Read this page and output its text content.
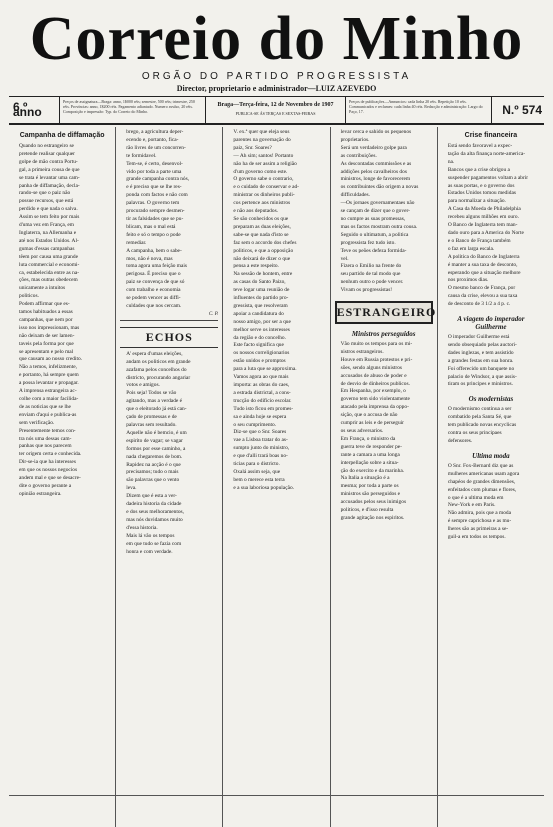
Correio do Minho
ORGÃO DO PARTIDO PROGRESSISTA
Director, proprietario e administrador—LUIZ AZEVEDO
6.º anno
Preços de assignatura—Braga: anno, 1$000 réis; semestre, 500 réis; trimestre, 250 réis. Províncias: anno, 1$200 réis. Pagamento adiantado. Numero avulso, 20 réis. Composição e impressão: Typ. do Correio do Minho.
Braga—Terça-feira, 12 de Novembro de 1907
PUBLICA-SE ÁS TERÇAS E SEXTAS-FEIRAS
Preços de publicações—Annuncios: cada linha 20 réis. Repetição 10 réis. Communicados e reclames: cada linha 40 réis. Redacção e administração: Largo do Paço, 17.	N.º 574
Campanha de diffamação
Quando no estrangeiro se
pretende realisar qualquer
golpe de mão contra Portu-
gal, a primeira cousa de que
se trata é levantar uma cam-
panha de diffamação, decla-
rando-se que o paiz não
possue recursos, que está
perdido e que nada o salva.
Assim se tem feito por mais
d'uma vez em França, em
Inglaterra, na Allemanha e
até nos Estados Unidos. Al-
gumas d'essas campanhas
têem por causa uma grande
luta commercial e economi-
ca, estabelecida entre as na-
ções, mas outras obedecem
unicamente a intuitos
politicos.
Podem affirmar que es-
tamos habituados a essas
campanhas, que nem por
isso nos impressionam, mas
não deixam de ser lamen-
taveis pela forma por que
se apresentam e pelo mal
que causam ao nosso credito.
Não a temos, infelizmente,
e portanto, há sempre quem
a possa levantar e propagar.
A imprensa estrangeira ac-
colhe com a maior facilida-
de as noticias que se lhe
enviam d'aqui e publica-as
sem verificação.
Presentemente temos con-
tra nós uma dessas cam-
panhas que nos parecem
ter origem certa e conhecida.
Dir-se-ia que ha interesses
em que os nossos negocios
andem mal e que se desacre-
dite o governo perante a
opinião estrangeira.
brego, a agricultura deper-
ecendo e, portanto, fica-
rão livres de um concorren-
te formidavel.
Tem-se, é certo, desenvol-
vido por toda a parte uma
grande campanha contra nós,
e é preciso que se lhe res-
ponda com factos e não com
palavras. O governo tem
procurado sempre desmen-
tir as falsidades que se pu-
blicam, mas o mal está
feito e só o tempo o pode
remediar.
A campanha, bem o sabe-
mos, não é nova, mas
toma agora uma feição mais
perigosa. É preciso que o
paiz se convença de que só
com trabalho e economia
se podem vencer as diffi-
culdades que nos cercam.
C. P.
ECHOS
A' espera d'umas eleições,
andam os politicos em grande
azafama pelos concelhos do
districto, procurando angariar
votos e amigos.
Pois seja! Todos se vão
agitando, mas a verdade é
que o eleitorado já está can-
çado de promessas e de
palavras sem resultado.
Aquelle não é bemcio, é um
espirito de vagar; se vagar
formos por esse caminho, a
nada chegaremos de bom.
Rapidez na acção é o que
precisamos; tudo o mais
são palavras que o vento
leva.
Dizem que é esta a ver-
dadeira historia da cidade
e dos seus melhoramentos,
mas nós duvidamos muito
d'essa historia.
Mais lá vão os tempos
em que tudo se fazia com
honra e com verdade.
V. ex.ª quer que eleja seus
parentes na governação do
paiz, Snr. Soares?
— Ah sim; santos! Portanto
não ha de ser assim a religião
d'um governo como este.
O governo sabe o contrario,
e o cuidado de conservar e ad-
ministrar os dinheiros publi-
cos pertence aos ministros
e não aos deputados.
Se são conhecidos os que
preparam as duas eleições,
sabe-se que nada d'isto se
faz sem o accordo dos chefes
politicos, e que a opposição
não deixará de dizer o que
pensa a este respeito.
Na sessão de hontem, entre
as casas do Santo Paizo,
teve logar uma reunião de
influentes do partido pro-
gressista, que resolveram
apoiar a candidatura do
nosso amigo, por ser a que
melhor serve os interesses
da região e do concelho.
Este facto significa que
os nossos correligionarios
estão unidos e promptos
para a luta que se approxima.
Vamos agora ao que mais
importa: as obras do caes,
a estrada districtal, a cons-
trucção do edificio escolar.
Tudo isto ficou em promes-
sa e ainda hoje se espera
o seu cumprimento.
Diz-se que o Snr. Soares
vae a Lisboa tratar do as-
sumpto junto do ministro,
e que d'alli trará boas no-
ticias para o districto.
Oxalá assim seja, que
bem o merece esta terra
e a sua laboriosa população.
levar cerca e sahido os pequenos
proprietarios.
Será um verdadeiro golpe para
as contribuições.
As descontadas commissões e as
addições pelos cavalheiros dos
ministros, longe de favorecerem
os contribuintes dão origem a novas
difficuldades.
—Os jornaes governamentaes não
se cançam de dizer que o gover-
no cumpre as suas promessas,
mas os factos mostram outra cousa.
Seguido o ultimatum, a politica
progressista fez tudo isto.
Teve os peões defeza formida-
vel.
Fizera o Emilio na frente do
seu partido de tal modo que
nenhum outro o pode vencer.
Vivam os progressistas!
ESTRANGEIRO
Ministros perseguidos
Vão muito os tempos para os mi-
nistros estrangeiros.
Houve em Russia protestos e pri-
sões, sendo alguns ministros
accusados de abuso de poder e
de desvio de dinheiros publicos.
Em Hespanha, por exemplo, o
governo tem sido violentamente
atacado pela imprensa da oppo-
sição, que o accusa de não
cumprir as leis e de perseguir
os seus adversarios.
Em França, o ministro da
guerra teve de responder pe-
rante a camara a uma longa
interpellação sobre a situa-
ção do exercito e da marinha.
Na Italia a situação é a
mesma; por toda a parte os
ministros são perseguidos e
accusados pelos seus inimigos
politicos, e d'isso resulta
grande agitação nos espiritos.
Crise financeira
Está sendo favoravel a expec-
tação da alta finança norte-america-
na.
Bancos que a crise obrigou a
suspender pagamentos voltam a abrir
as suas portas, e o governo dos
Estados Unidos tomou medidas
para normalizar a situação.
A Casa da Moeda de Philadelphia
recebeu alguns milhões em ouro.
O Banco de Inglaterra tem man-
dado ouro para a America do Norte
e o Banco de França também
o faz em larga escala.
A politica do Banco de Inglaterra
é manter a sua taxa de desconto,
esperando que a situação melhore
nos proximos dias.
O mesmo banco de França, por
causa da crise, elevou a sua taxa
de desconto de 3 1/2 a 4 p. c.
A viagem do imperador Guilherme
O imperador Guilherme está
sendo obsequiado pelas auctori-
dades inglezas, e tem assistido
a grandes festas em sua honra.
Foi offerecido um banquete no
palacio de Windsor, a que assis-
tiram os principes e ministros.
Os modernistas
O modernismo continua a ser
combatido pela Santa Sé, que
tem publicado novas encyclicas
contra os seus principaes
defensores.
Ultima moda
O Snr. Fox-Bernard diz que as
mulheres americanas usam agora
chapéos de grandes dimensões,
enfeitados com plumas e flores,
o que é a ultima moda em
New-York e em Paris.
Não admira, pois que a moda
é sempre caprichosa e as mu-
lheres são as primeiras a se-
guil-a em todos os tempos.
